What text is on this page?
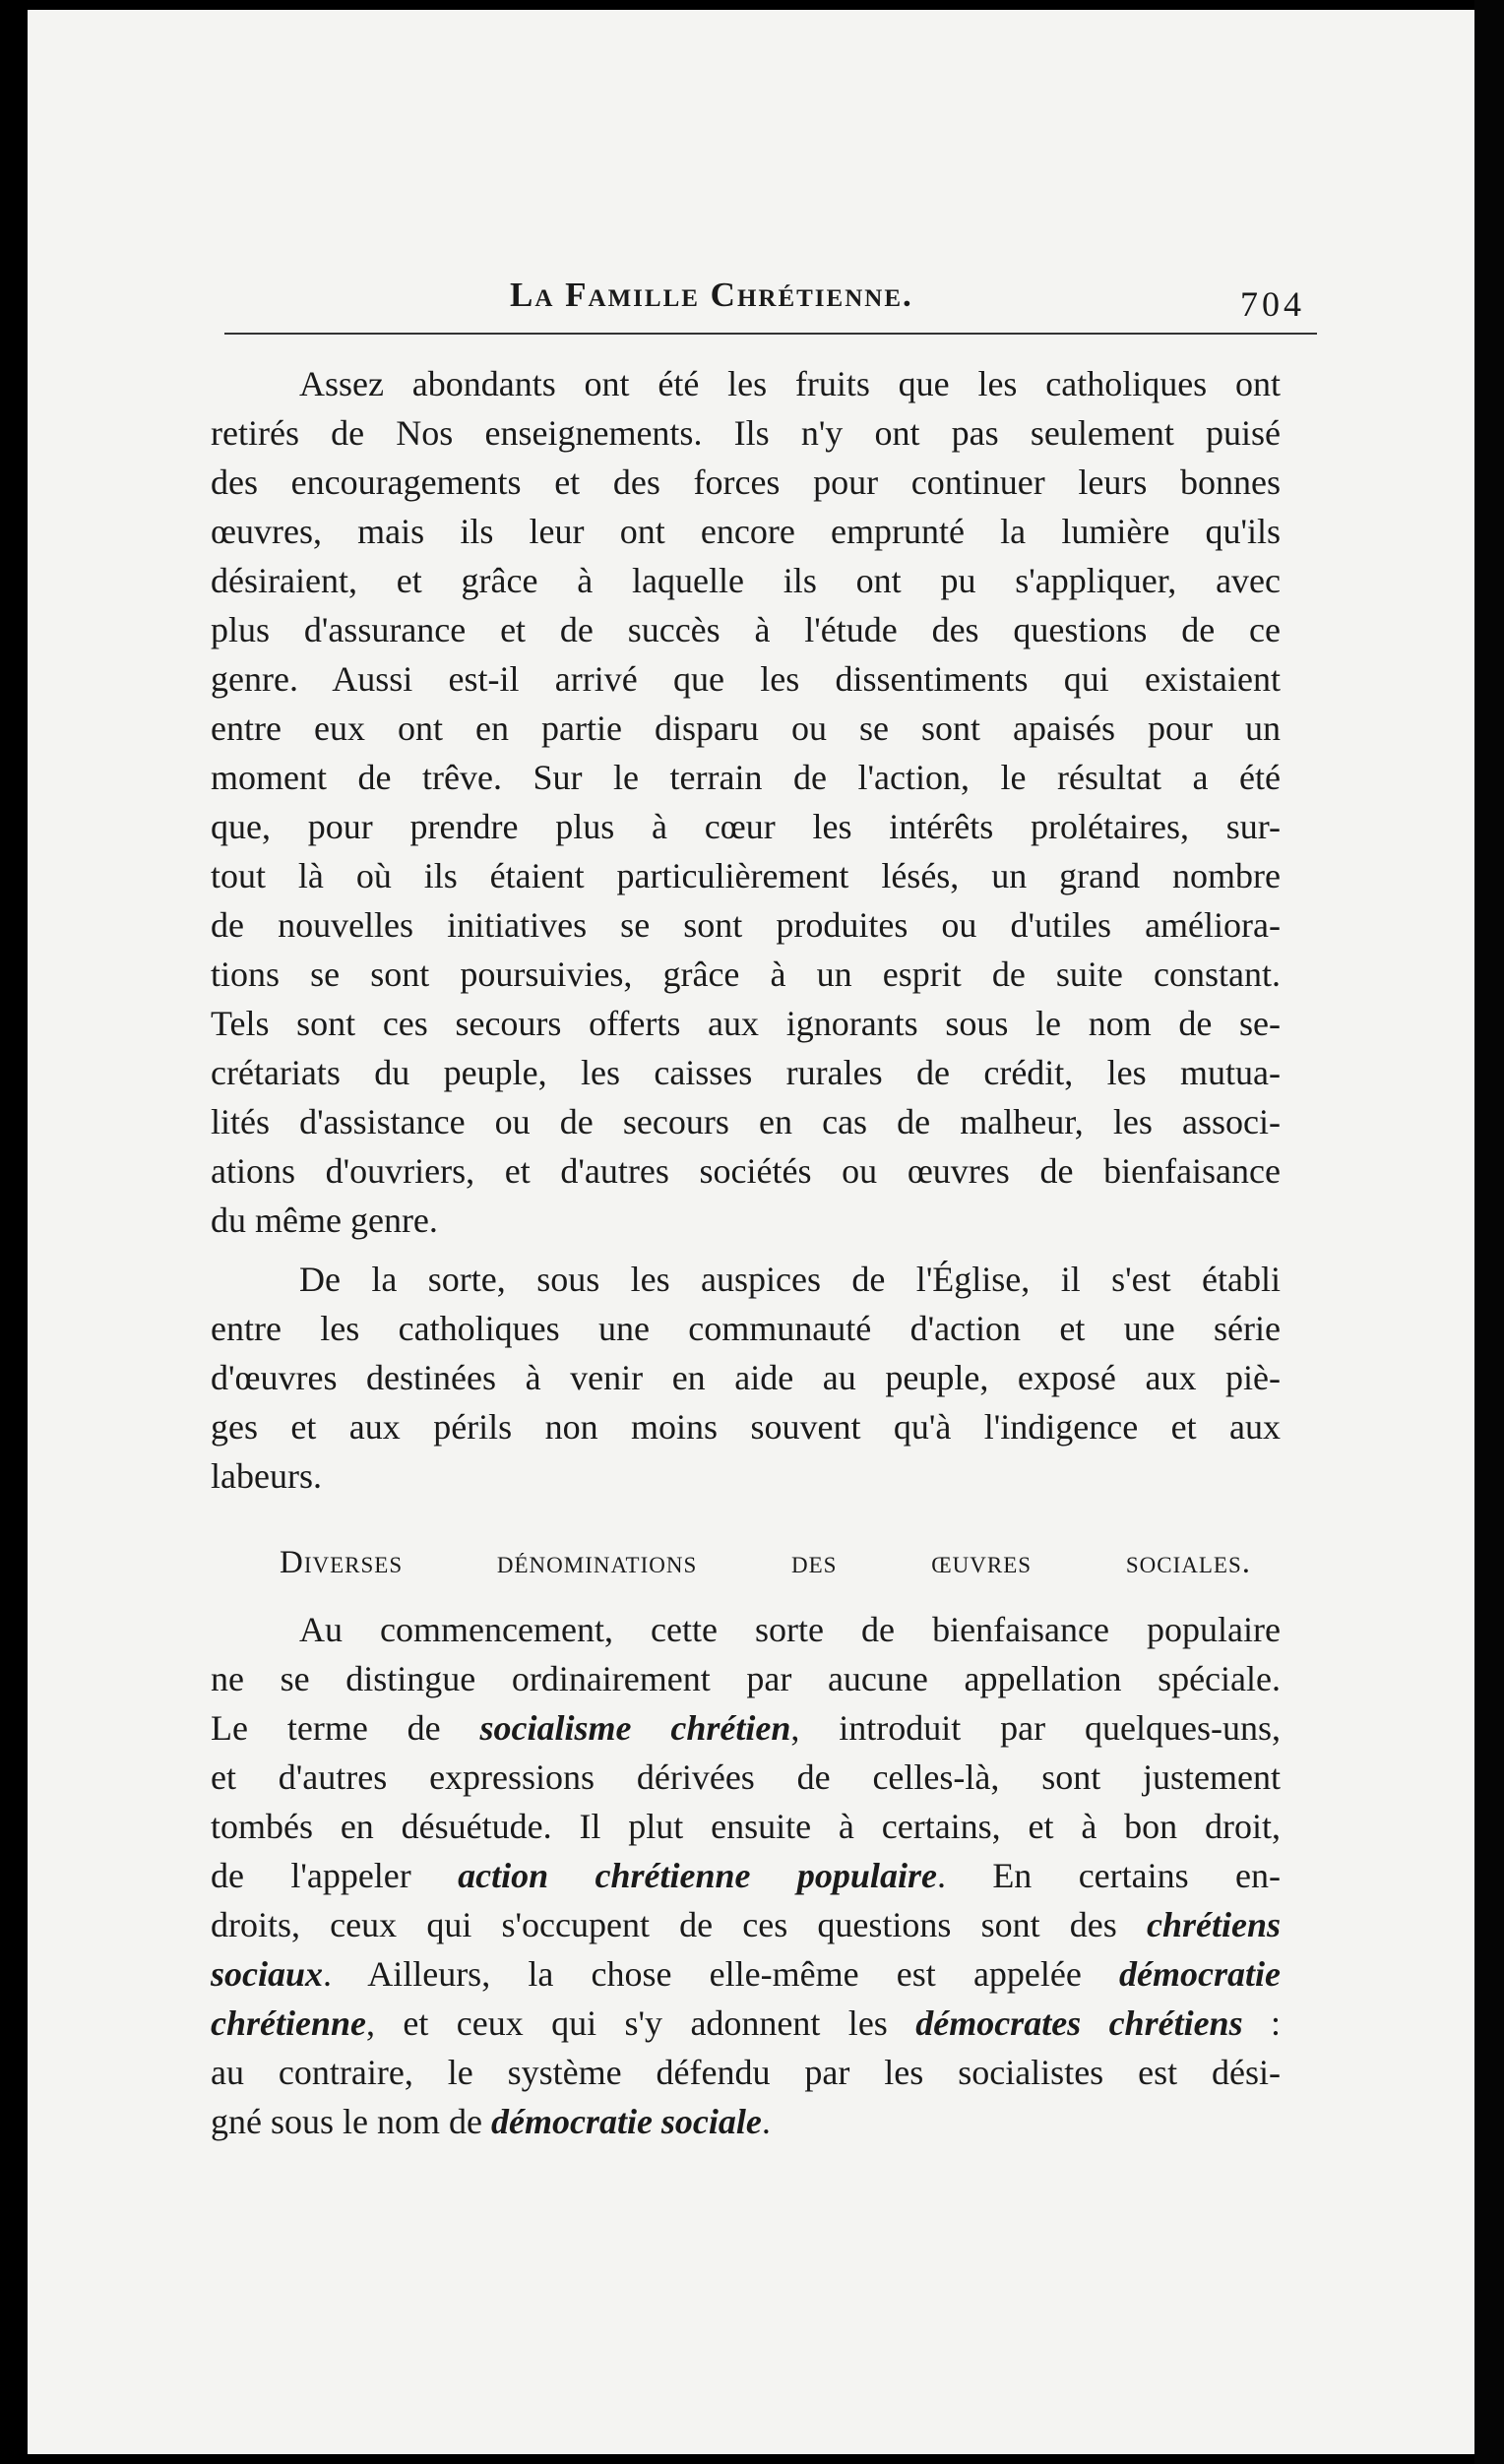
La Famille Chrétienne.	704
Assez abondants ont été les fruits que les catholiques ont
retirés de Nos enseignements. Ils n'y ont pas seulement puisé
des encouragements et des forces pour continuer leurs bonnes
œuvres, mais ils leur ont encore emprunté la lumière qu'ils
désiraient, et grâce à laquelle ils ont pu s'appliquer, avec
plus d'assurance et de succès à l'étude des questions de ce
genre. Aussi est-il arrivé que les dissentiments qui existaient
entre eux ont en partie disparu ou se sont apaisés pour un
moment de trêve. Sur le terrain de l'action, le résultat a été
que, pour prendre plus à cœur les intérêts prolétaires, sur-
tout là où ils étaient particulièrement lésés, un grand nombre
de nouvelles initiatives se sont produites ou d'utiles améliora-
tions se sont poursuivies, grâce à un esprit de suite constant.
Tels sont ces secours offerts aux ignorants sous le nom de se-
crétariats du peuple, les caisses rurales de crédit, les mutua-
lités d'assistance ou de secours en cas de malheur, les associ-
ations d'ouvriers, et d'autres sociétés ou œuvres de bienfaisance
du même genre.
De la sorte, sous les auspices de l'Église, il s'est établi
entre les catholiques une communauté d'action et une série
d'œuvres destinées à venir en aide au peuple, exposé aux piè-
ges et aux périls non moins souvent qu'à l'indigence et aux
labeurs.
Diverses dénominations des œuvres sociales.
Au commencement, cette sorte de bienfaisance populaire
ne se distingue ordinairement par aucune appellation spéciale.
Le terme de socialisme chrétien, introduit par quelques-uns,
et d'autres expressions dérivées de celles-là, sont justement
tombés en désuétude. Il plut ensuite à certains, et à bon droit,
de l'appeler action chrétienne populaire. En certains en-
droits, ceux qui s'occupent de ces questions sont des chrétiens
sociaux. Ailleurs, la chose elle-même est appelée démocratie
chrétienne, et ceux qui s'y adonnent les démocrates chrétiens :
au contraire, le système défendu par les socialistes est dési-
gné sous le nom de démocratie sociale.
